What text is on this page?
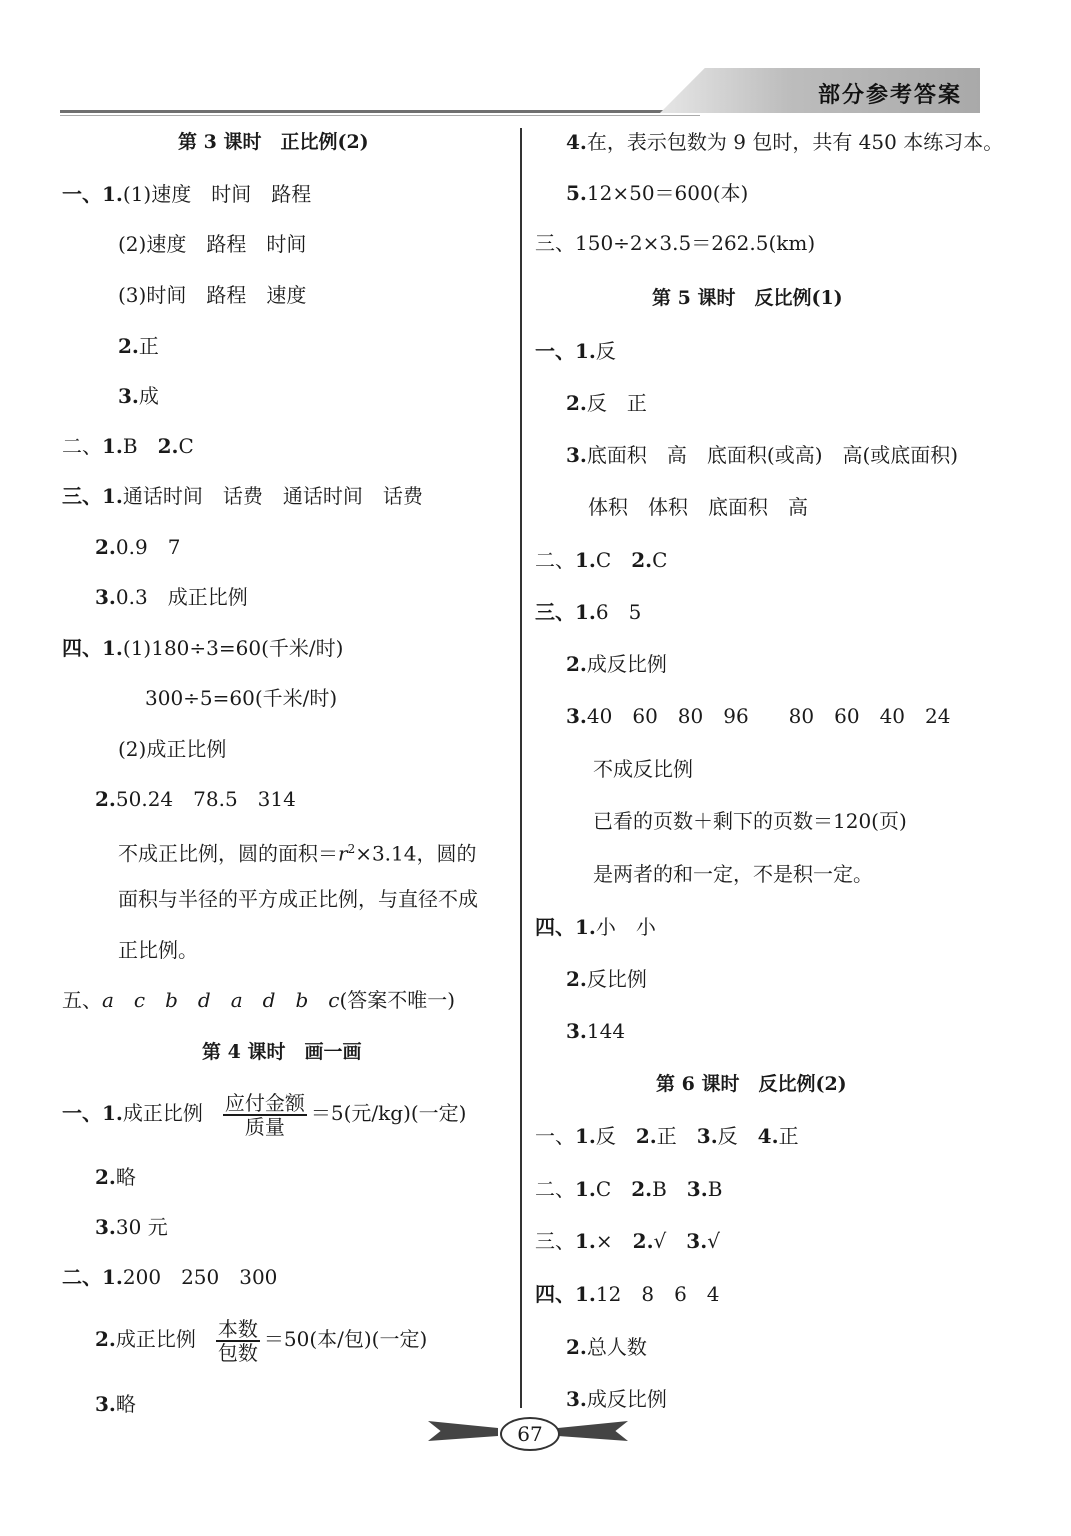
部分参考答案
第 3 课时　正比例(2)
一、1.(1)速度　时间　路程
(2)速度　路程　时间
(3)时间　路程　速度
2.正
3.成
二、1.B　2.C
三、1.通话时间　话费　通话时间　话费
2.0.9　7
3.0.3　成正比例
四、1.(1)180÷3=60(千米/时)
300÷5=60(千米/时)
(2)成正比例
2.50.24　78.5　314
不成正比例，圆的面积$=r^2\times 3.14$，圆的
面积与半径的平方成正比例，与直径不成
正比例。
五、a　c　b　d　a　d　b　c(答案不唯一)
第 4 课时　画一画
一、1.成正比例　 $\frac{\text{应付金额}}{\text{质量}} =5$(元/kg)(一定)
2.略
3.30 元
二、1.200　250　300
2.成正比例　 $\frac{\text{本数}}{\text{包数}} =50$(本/包)(一定)
3.略
4.在，表示包数为 9 包时，共有 450 本练习本。
5.12×50＝600(本)
三、150÷2×3.5＝262.5(km)
第 5 课时　反比例(1)
一、1.反
2.反　正
3.底面积　高　底面积(或高)　高(或底面积)
体积　体积　底面积　高
二、1.C　2.C
三、1.6　5
2.成反比例
3.40　60　80　96　　80　60　40　24
不成反比例
已看的页数＋剩下的页数＝120(页)
是两者的和一定，不是积一定。
四、1.小　小
2.反比例
3.144
第 6 课时　反比例(2)
一、1.反　2.正　3.反　4.正
二、1.C　2.B　3.B
三、1.×　2.√　3.√
四、1.12　8　6　4
2.总人数
3.成反比例
67
